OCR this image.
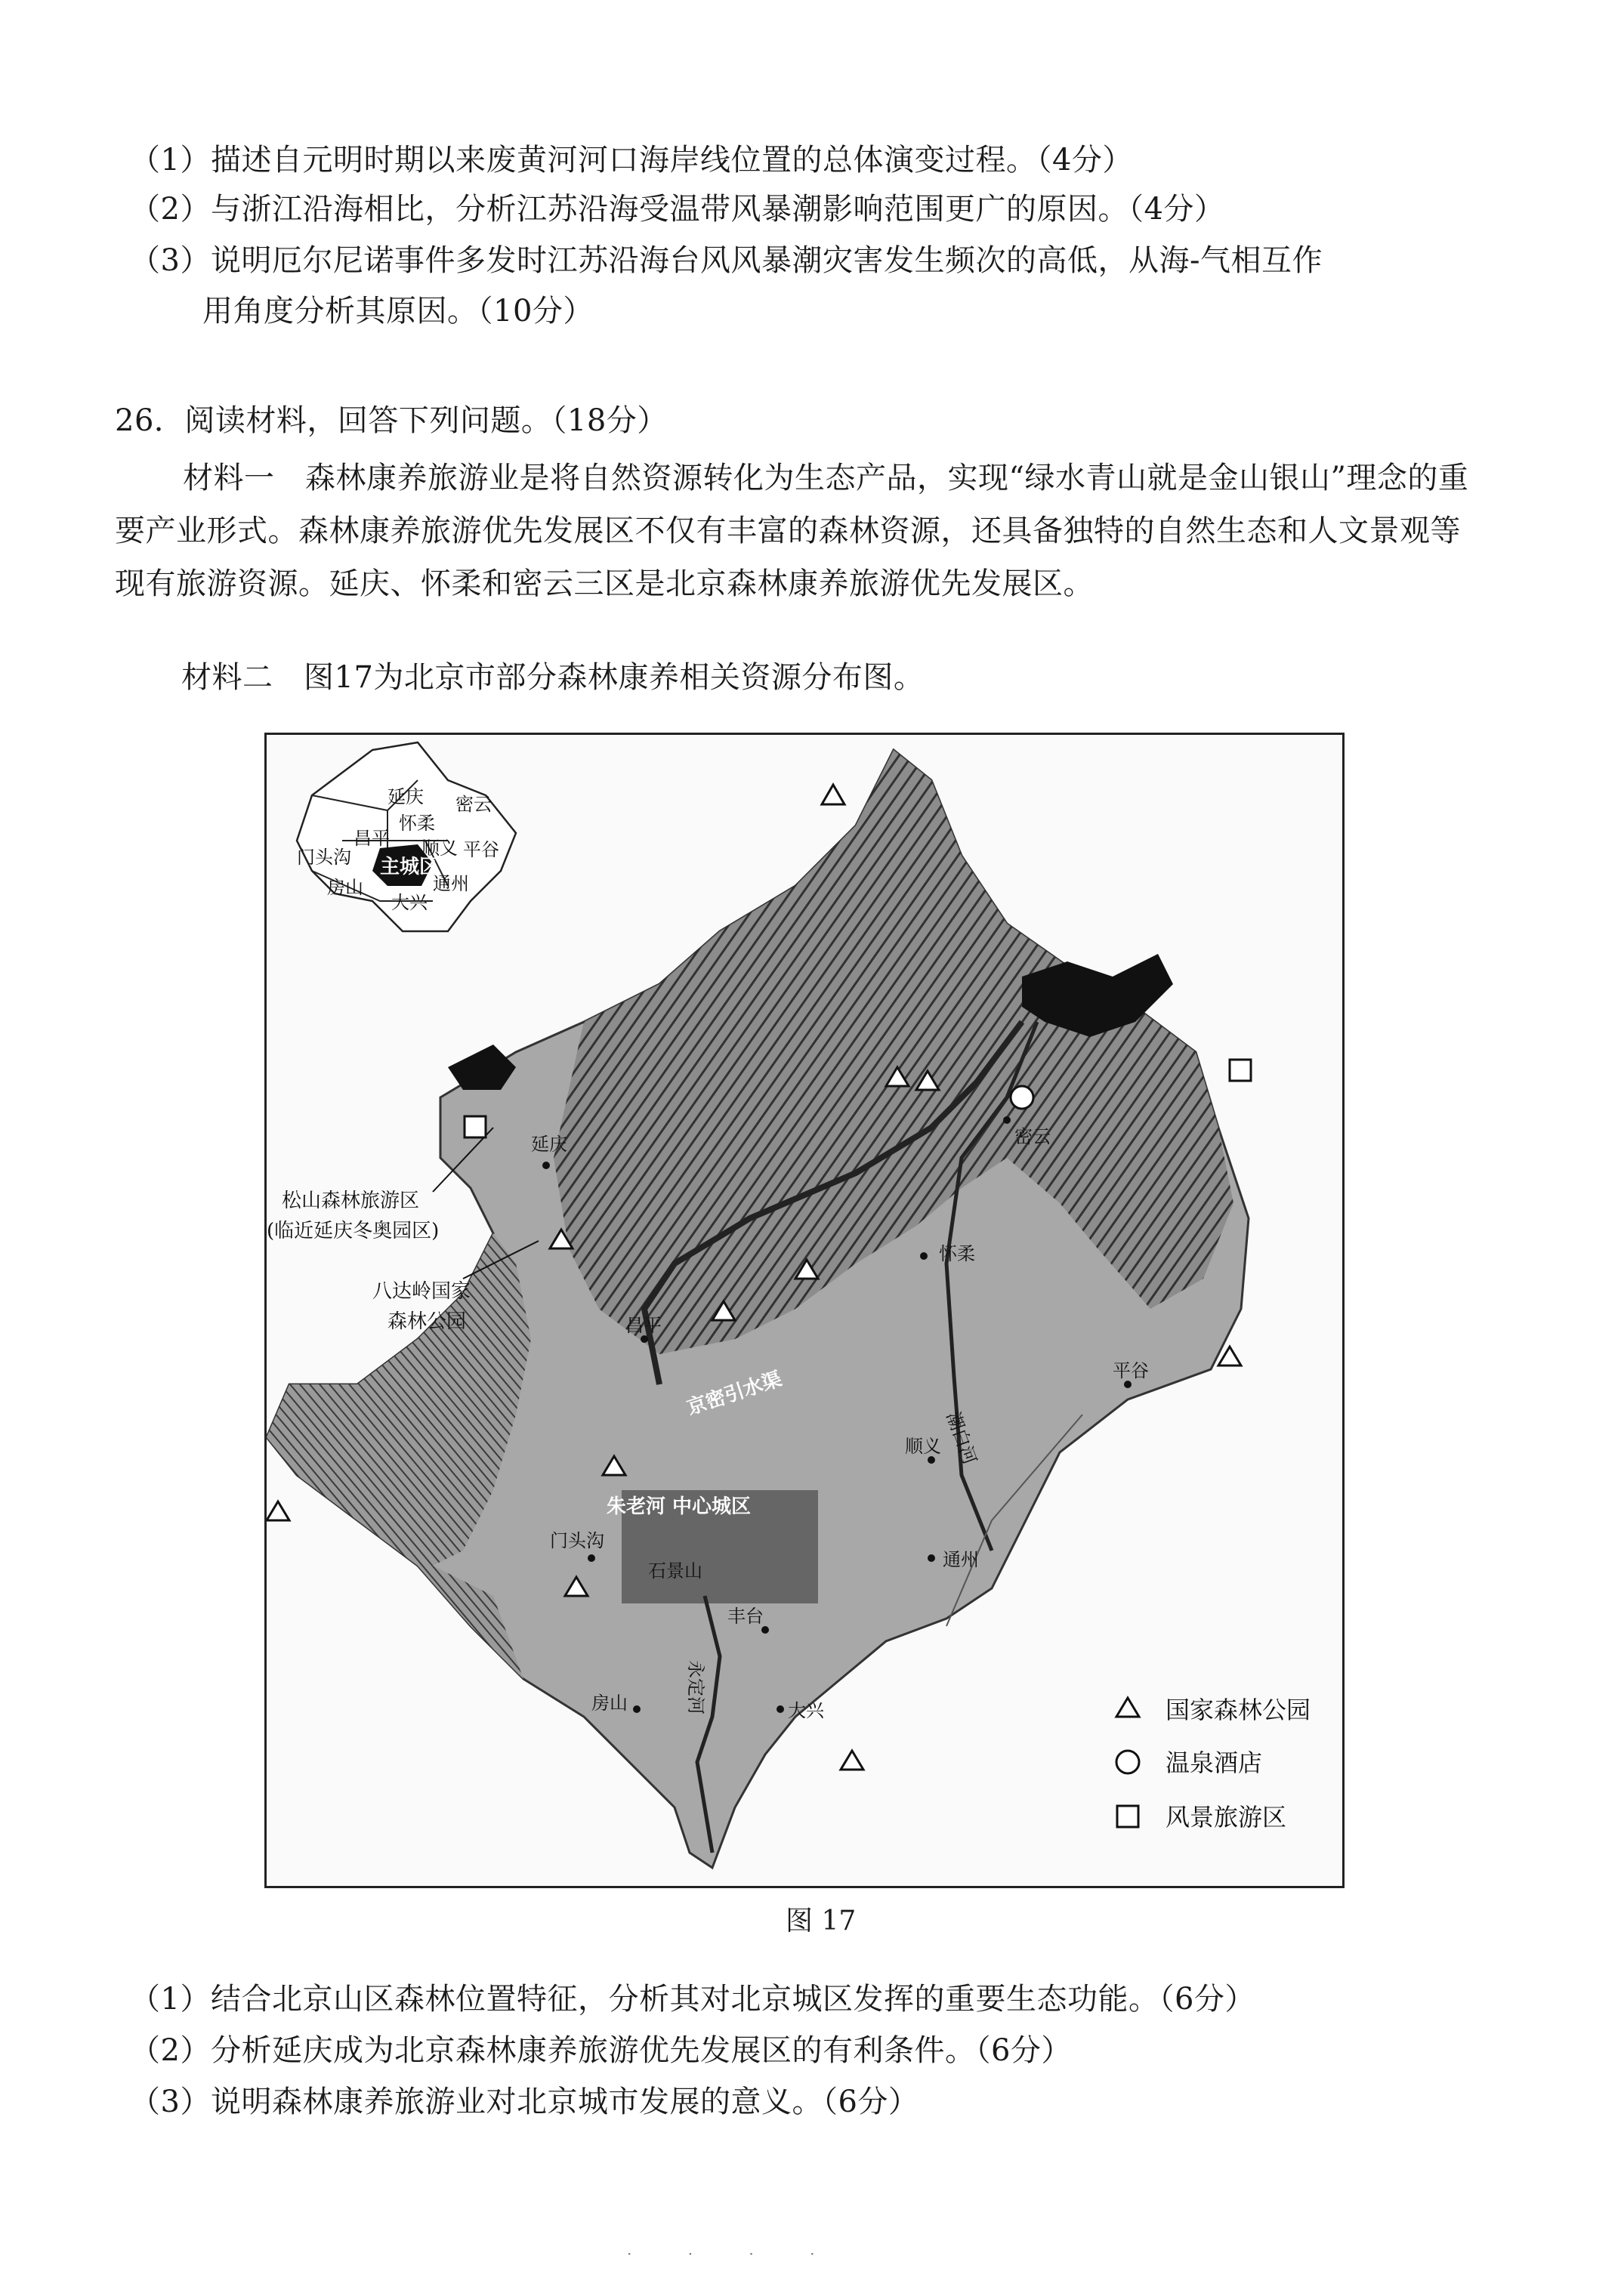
（1）描述自元明时期以来废黄河河口海岸线位置的总体演变过程。（4分）
（2）与浙江沿海相比，分析江苏沿海受温带风暴潮影响范围更广的原因。（4分）
（3）说明厄尔尼诺事件多发时江苏沿海台风风暴潮灾害发生频次的高低，从海-气相互作
用角度分析其原因。（10分）
26．阅读材料，回答下列问题。（18分）
材料一　森林康养旅游业是将自然资源转化为生态产品，实现“绿水青山就是金山银山”理念的重要产业形式。森林康养旅游优先发展区不仅有丰富的森林资源，还具备独特的自然生态和人文景观等现有旅游资源。延庆、怀柔和密云三区是北京森林康养旅游优先发展区。
材料二　图17为北京市部分森林康养相关资源分布图。
延庆 密云
怀柔
昌平 顺义 平谷
门头沟 主城区
房山
大兴
通州
延庆	密云
怀柔
昌平
平谷
顺义
门头沟
石景山
通州
丰台
房山	大兴
京密引水渠
潮白河
永定河
松山森林旅游区
(临近延庆冬奥园区)
八达岭国家
森林公园
朱老河 中心城区
国家森林公园
温泉酒店
风景旅游区
图 17
（1）结合北京山区森林位置特征，分析其对北京城区发挥的重要生态功能。（6分）
（2）分析延庆成为北京森林康养旅游优先发展区的有利条件。（6分）
（3）说明森林康养旅游业对北京城市发展的意义。（6分）
· · · ·
